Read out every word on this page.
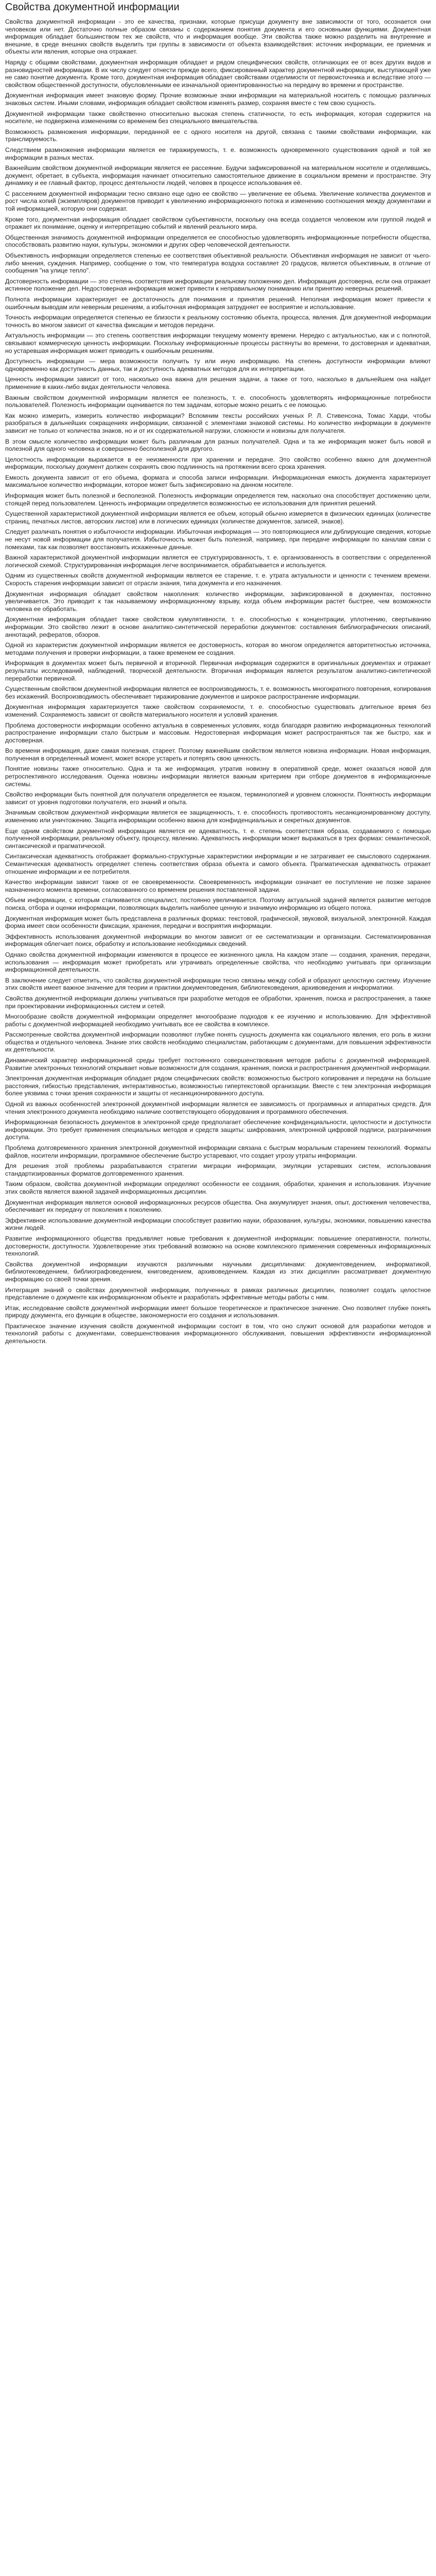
Свойства документной информации

Свойства документной информации - это ее качества, признаки, которые присущи документу вне зависимости от того, осознается они человеком или нет. Достаточно полные образом связаны с содержанием понятия документа и его основными функциями. Документная информация обладает большинством тех же свойств, что и информация вообще. Эти свойства также можно разделить на внутренние и внешние, в среде внешних свойств выделить три группы в зависимости от объекта взаимодействия: источник информации, ее приемник и объекты или явления, которые она отражает.

Наряду с общими свойствами, документная информация обладает и рядом специфических свойств, отличающих ее от всех других видов и разновидностей информации. В их числу следует отнести прежде всего, фиксированный характер документной информации, выступающей уже не само понятие документа. Кроме того, документная информация обладает свойствами отделимости от первоисточника и вследствие этого — свойством общественной доступности, обусловленными ее изначальной ориентированностью на передачу во времени и пространстве.

Документная информация имеет знаковую форму. Прочие возможные знаки информации на материальной носитель с помощью различных знаковых систем. Иными словами, информация обладает свойством изменять размер, сохраняя вместе с тем свою сущность.

Документной информации также свойственно относительно высокая степень статичности, то есть информация, которая содержится на носителе, не подвержена изменениям со временем без специального вмешательства.

Возможность размножения информации, переданной ее с одного носителя на другой, связана с такими свойствами информации, как транслируемость.

Следствием размножения информации является ее тиражируемость, т. е. возможность одновременного существования одной и той же информации в разных местах.

Важнейшим свойством документной информации является ее рассеяние. Будучи зафиксированной на материальном носителе и отделившись, документ, обретает, в субъекта, информация начинает относительно самостоятельное движение в социальном времени и пространстве. Эту динамику и ее главный фактор, процесс деятельности людей, человек в процессе использования её.

С рассеянием документной информации тесно связано еще одно ее свойство — увеличение ее объема. Увеличение количества документов и рост числа копий (экземпляров) документов приводит к увеличению информационного потока и изменению соотношения между документами и той информацией, которую они содержат.

Кроме того, документная информация обладает свойством субъективности, поскольку она всегда создается человеком или группой людей и отражает их понимание, оценку и интерпретацию событий и явлений реального мира.

Общественная значимость документной информации определяется ее способностью удовлетворять информационные потребности общества, способствовать развитию науки, культуры, экономики и других сфер человеческой деятельности.

Объективность информации определяется степенью ее соответствия объективной реальности. Объективная информация не зависит от чьего-либо мнения, суждения. Например, сообщение о том, что температура воздуха составляет 20 градусов, является объективным, в отличие от сообщения "на улице тепло".

Достоверность информации — это степень соответствия информации реальному положению дел. Информация достоверна, если она отражает истинное положение дел. Недостоверная информация может привести к неправильному пониманию или принятию неверных решений.

Полнота информации характеризует ее достаточность для понимания и принятия решений. Неполная информация может привести к ошибочным выводам или неверным решениям, а избыточная информация затрудняет ее восприятие и использование.

Точность информации определяется степенью ее близости к реальному состоянию объекта, процесса, явления. Для документной информации точность во многом зависит от качества фиксации и методов передачи.

Актуальность информации — это степень соответствия информации текущему моменту времени. Нередко с актуальностью, как и с полнотой, связывают коммерческую ценность информации. Поскольку информационные процессы растянуты во времени, то достоверная и адекватная, но устаревшая информация может приводить к ошибочным решениям.

Доступность информации — мера возможности получить ту или иную информацию. На степень доступности информации влияют одновременно как доступность данных, так и доступность адекватных методов для их интерпретации.

Ценность информации зависит от того, насколько она важна для решения задачи, а также от того, насколько в дальнейшем она найдет применение в каких-либо видах деятельности человека.

Важным свойством документной информации является ее полезность, т. е. способность удовлетворять информационные потребности пользователей. Полезность информации оценивается по тем задачам, которые можно решить с ее помощью.

Как можно измерить, измерить количество информации? Вспомним тексты российских ученых Р. Л. Стивенсона, Томас Харди, чтобы разобраться в дальнейших сокращениях информации, связанной с элементами знаковой системы. Но количество информации в документе зависит не только от количества знаков, но и от их содержательной нагрузки, сложности и новизны для получателя.

В этом смысле количество информации может быть различным для разных получателей. Одна и та же информация может быть новой и полезной для одного человека и совершенно бесполезной для другого.

Целостность информации выражается в ее неизменности при хранении и передаче. Это свойство особенно важно для документной информации, поскольку документ должен сохранять свою подлинность на протяжении всего срока хранения.

Емкость документа зависит от его объема, формата и способа записи информации. Информационная емкость документа характеризует максимальное количество информации, которое может быть зафиксировано на данном носителе.

Информация может быть полезной и бесполезной. Полезность информации определяется тем, насколько она способствует достижению цели, стоящей перед пользователем. Ценность информации определяется возможностью ее использования для принятия решений.

Существенной характеристикой документной информации является ее объем, который обычно измеряется в физических единицах (количестве страниц, печатных листов, авторских листов) или в логических единицах (количестве документов, записей, знаков).

Следует различать понятия о избыточности информации. Избыточная информация — это повторяющиеся или дублирующие сведения, которые не несут новой информации для получателя. Избыточность может быть полезной, например, при передаче информации по каналам связи с помехами, так как позволяет восстановить искаженные данные.

Важной характеристикой документной информации является ее структурированность, т. е. организованность в соответствии с определенной логической схемой. Структурированная информация легче воспринимается, обрабатывается и используется.

Одним из существенных свойств документной информации является ее старение, т. е. утрата актуальности и ценности с течением времени. Скорость старения информации зависит от отрасли знания, типа документа и его назначения.

Документная информация обладает свойством накопления: количество информации, зафиксированной в документах, постоянно увеличивается. Это приводит к так называемому информационному взрыву, когда объем информации растет быстрее, чем возможности человека ее обработать.

Документная информация обладает также свойством кумулятивности, т. е. способностью к концентрации, уплотнению, свертыванию информации. Это свойство лежит в основе аналитико-синтетической переработки документов: составления библиографических описаний, аннотаций, рефератов, обзоров.

Одной из характеристик документной информации является ее достоверность, которая во многом определяется авторитетностью источника, методами получения и проверки информации, а также временем ее создания.

Информация в документах может быть первичной и вторичной. Первичная информация содержится в оригинальных документах и отражает результаты исследований, наблюдений, творческой деятельности. Вторичная информация является результатом аналитико-синтетической переработки первичной.

Существенным свойством документной информации является ее воспроизводимость, т. е. возможность многократного повторения, копирования без искажений. Воспроизводимость обеспечивает тиражирование документов и широкое распространение информации.

Документная информация характеризуется также свойством сохраняемости, т. е. способностью существовать длительное время без изменений. Сохраняемость зависит от свойств материального носителя и условий хранения.

Проблема достоверности информации особенно актуальна в современных условиях, когда благодаря развитию информационных технологий распространение информации стало быстрым и массовым. Недостоверная информация может распространяться так же быстро, как и достоверная.

Во времени информация, даже самая полезная, стареет. Поэтому важнейшим свойством является новизна информации. Новая информация, полученная в определенный момент, может вскоре устареть и потерять свою ценность.

Понятие новизны также относительно. Одна и та же информация, утратив новизну в оперативной среде, может оказаться новой для ретроспективного исследования. Оценка новизны информации является важным критерием при отборе документов в информационные системы.

Свойство информации быть понятной для получателя определяется ее языком, терминологией и уровнем сложности. Понятность информации зависит от уровня подготовки получателя, его знаний и опыта.

Значимым свойством документной информации является ее защищенность, т. е. способность противостоять несанкционированному доступу, изменению или уничтожению. Защита информации особенно важна для конфиденциальных и секретных документов.

Еще одним свойством документной информации является ее адекватность, т. е. степень соответствия образа, создаваемого с помощью полученной информации, реальному объекту, процессу, явлению. Адекватность информации может выражаться в трех формах: семантической, синтаксической и прагматической.

Синтаксическая адекватность отображает формально-структурные характеристики информации и не затрагивает ее смыслового содержания. Семантическая адекватность определяет степень соответствия образа объекта и самого объекта. Прагматическая адекватность отражает отношение информации и ее потребителя.

Качество информации зависит также от ее своевременности. Своевременность информации означает ее поступление не позже заранее назначенного момента времени, согласованного со временем решения поставленной задачи.

Объем информации, с которым сталкивается специалист, постоянно увеличивается. Поэтому актуальной задачей является развитие методов поиска, отбора и оценки информации, позволяющих выделить наиболее ценную и значимую информацию из общего потока.

Документная информация может быть представлена в различных формах: текстовой, графической, звуковой, визуальной, электронной. Каждая форма имеет свои особенности фиксации, хранения, передачи и восприятия информации.

Эффективность использования документной информации во многом зависит от ее систематизации и организации. Систематизированная информация облегчает поиск, обработку и использование необходимых сведений.

Однако свойства документной информации изменяются в процессе ее жизненного цикла. На каждом этапе — создания, хранения, передачи, использования — информация может приобретать или утрачивать определенные свойства, что необходимо учитывать при организации информационной деятельности.

В заключение следует отметить, что свойства документной информации тесно связаны между собой и образуют целостную систему. Изучение этих свойств имеет важное значение для теории и практики документоведения, библиотековедения, архивоведения и информатики.

Свойства документной информации должны учитываться при разработке методов ее обработки, хранения, поиска и распространения, а также при проектировании информационных систем и сетей.

Многообразие свойств документной информации определяет многообразие подходов к ее изучению и использованию. Для эффективной работы с документной информацией необходимо учитывать все ее свойства в комплексе.

Рассмотренные свойства документной информации позволяют глубже понять сущность документа как социального явления, его роль в жизни общества и отдельного человека. Знание этих свойств необходимо специалистам, работающим с документами, для повышения эффективности их деятельности.

Динамический характер информационной среды требует постоянного совершенствования методов работы с документной информацией. Развитие электронных технологий открывает новые возможности для создания, хранения, поиска и распространения документной информации.

Электронная документная информация обладает рядом специфических свойств: возможностью быстрого копирования и передачи на большие расстояния, гибкостью представления, интерактивностью, возможностью гипертекстовой организации. Вместе с тем электронная информация более уязвима с точки зрения сохранности и защиты от несанкционированного доступа.

Одной из важных особенностей электронной документной информации является ее зависимость от программных и аппаратных средств. Для чтения электронного документа необходимо наличие соответствующего оборудования и программного обеспечения.

Информационная безопасность документов в электронной среде предполагает обеспечение конфиденциальности, целостности и доступности информации. Это требует применения специальных методов и средств защиты: шифрования, электронной цифровой подписи, разграничения доступа.

Проблема долговременного хранения электронной документной информации связана с быстрым моральным старением технологий. Форматы файлов, носители информации, программное обеспечение быстро устаревают, что создает угрозу утраты информации.

Для решения этой проблемы разрабатываются стратегии миграции информации, эмуляции устаревших систем, использования стандартизированных форматов долговременного хранения.

Таким образом, свойства документной информации определяют особенности ее создания, обработки, хранения и использования. Изучение этих свойств является важной задачей информационных дисциплин.

Документная информация является основой информационных ресурсов общества. Она аккумулирует знания, опыт, достижения человечества, обеспечивает их передачу от поколения к поколению.

Эффективное использование документной информации способствует развитию науки, образования, культуры, экономики, повышению качества жизни людей.

Развитие информационного общества предъявляет новые требования к документной информации: повышение оперативности, полноты, достоверности, доступности. Удовлетворение этих требований возможно на основе комплексного применения современных информационных технологий.

Свойства документной информации изучаются различными научными дисциплинами: документоведением, информатикой, библиотековедением, библиографоведением, книговедением, архивоведением. Каждая из этих дисциплин рассматривает документную информацию со своей точки зрения.

Интеграция знаний о свойствах документной информации, полученных в рамках различных дисциплин, позволяет создать целостное представление о документе как информационном объекте и разработать эффективные методы работы с ним.

Итак, исследование свойств документной информации имеет большое теоретическое и практическое значение. Оно позволяет глубже понять природу документа, его функции в обществе, закономерности его создания и использования.

Практическое значение изучения свойств документной информации состоит в том, что оно служит основой для разработки методов и технологий работы с документами, совершенствования информационного обслуживания, повышения эффективности информационной деятельности.
